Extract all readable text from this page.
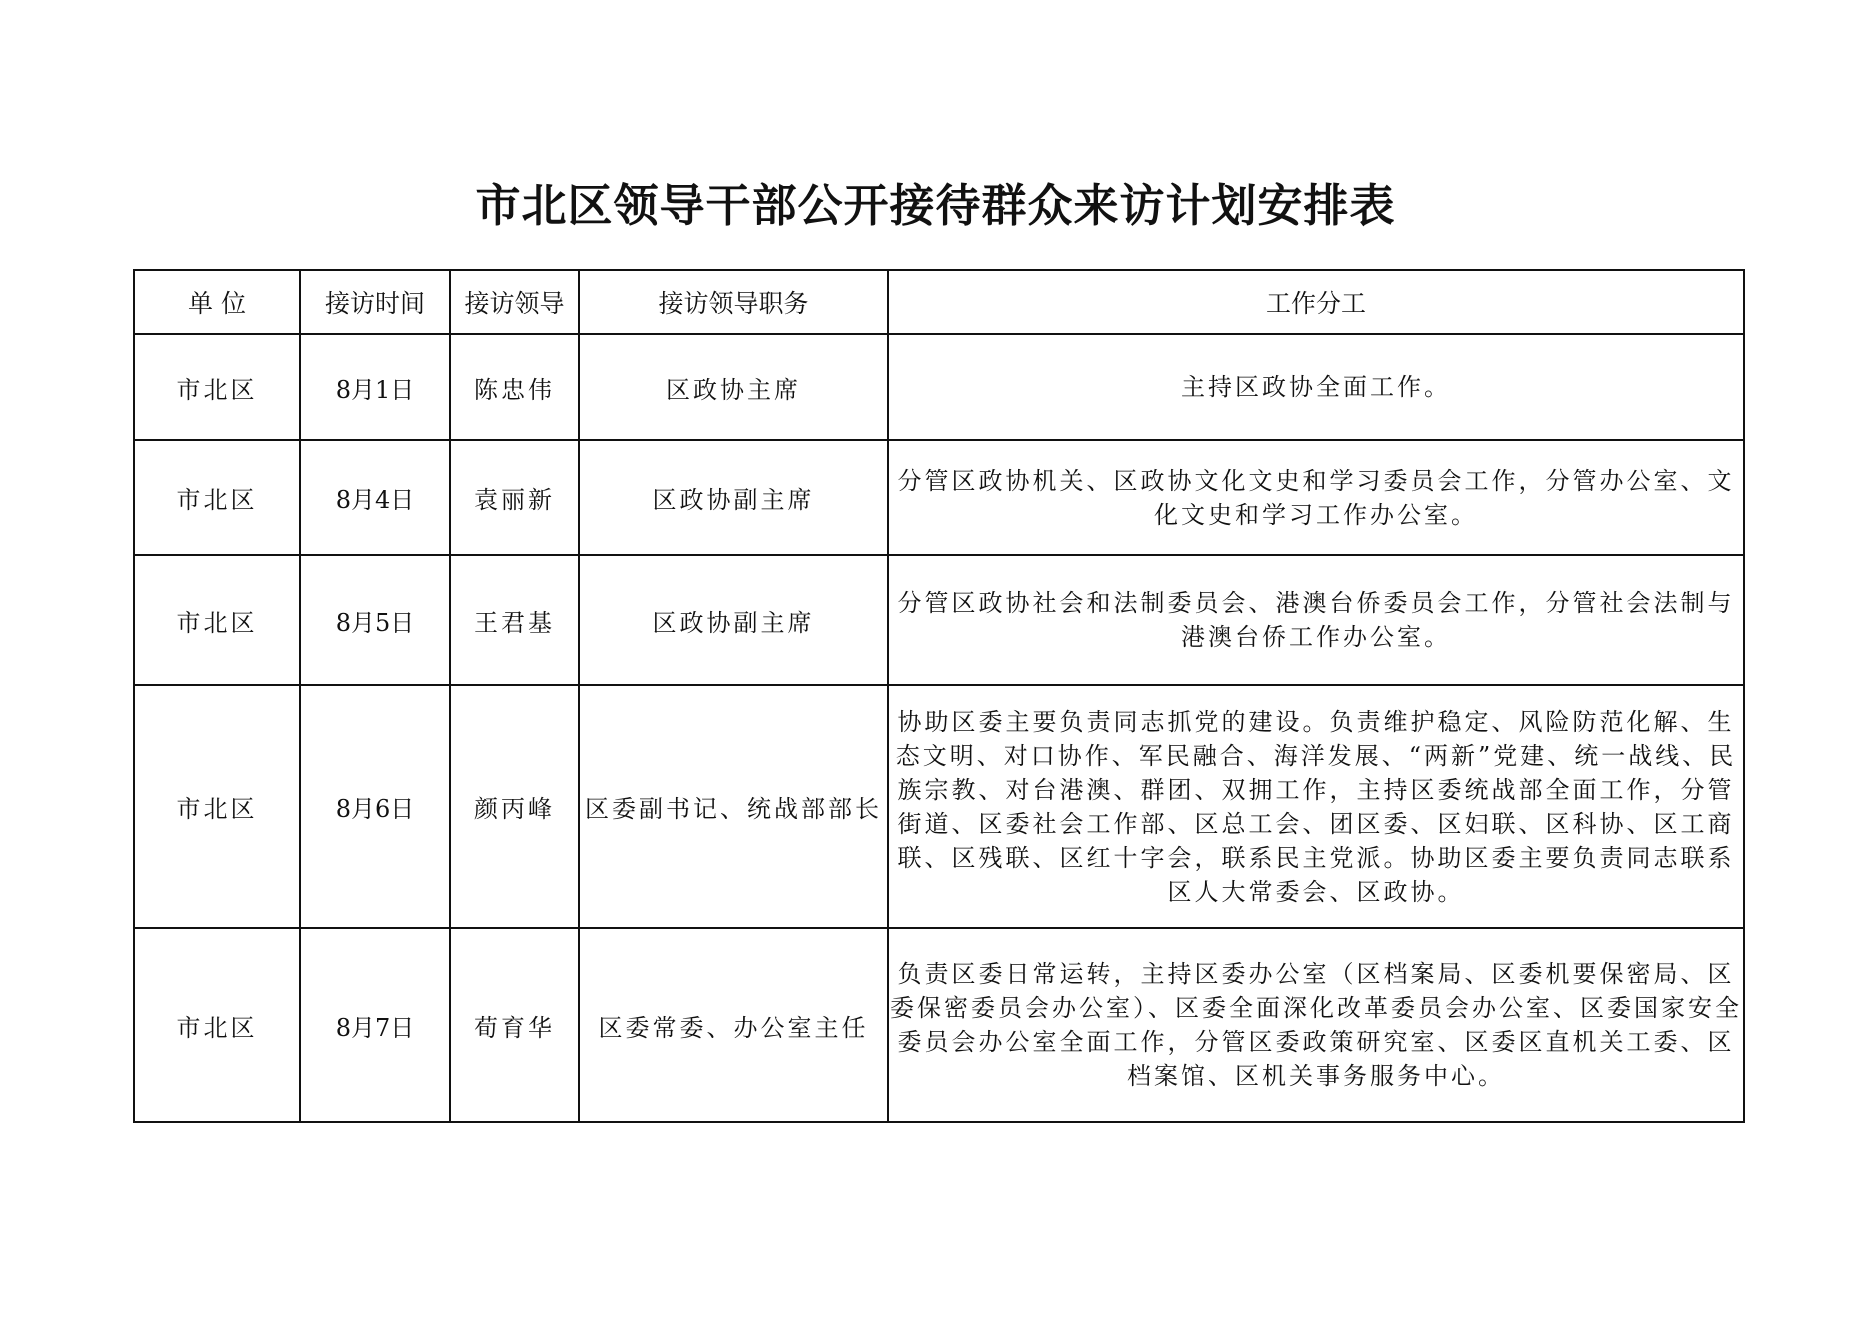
市北区领导干部公开接待群众来访计划安排表
单 位	接访时间	接访领导	接访领导职务	工作分工
市北区	8月1日	陈忠伟	区政协主席	主持区政协全面工作。
市北区	8月4日	袁丽新	区政协副主席	分管区政协机关、区政协文化文史和学习委员会工作，分管办公室、文化文史和学习工作办公室。
市北区	8月5日	王君基	区政协副主席	分管区政协社会和法制委员会、港澳台侨委员会工作，分管社会法制与港澳台侨工作办公室。
市北区	8月6日	颜丙峰	区委副书记、统战部部长	协助区委主要负责同志抓党的建设。负责维护稳定、风险防范化解、生态文明、对口协作、军民融合、海洋发展、“两新”党建、统一战线、民族宗教、对台港澳、群团、双拥工作，主持区委统战部全面工作，分管街道、区委社会工作部、区总工会、团区委、区妇联、区科协、区工商联、区残联、区红十字会，联系民主党派。协助区委主要负责同志联系区人大常委会、区政协。
市北区	8月7日	荀育华	区委常委、办公室主任	负责区委日常运转，主持区委办公室（区档案局、区委机要保密局、区委保密委员会办公室）、区委全面深化改革委员会办公室、区委国家安全委员会办公室全面工作，分管区委政策研究室、区委区直机关工委、区档案馆、区机关事务服务中心。
